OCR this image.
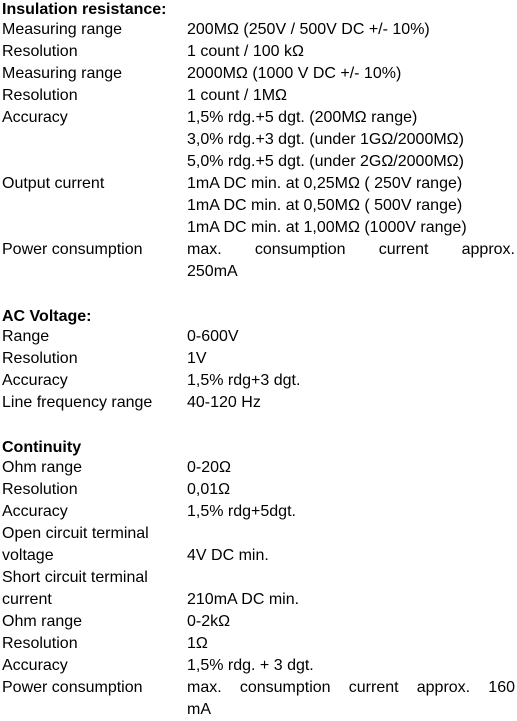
Insulation resistance:
Measuring range	200MΩ (250V / 500V DC +/- 10%)
Resolution	1 count / 100 kΩ
Measuring range	2000MΩ (1000 V DC +/- 10%)
Resolution	1 count / 1MΩ
Accuracy	1,5% rdg.+5 dgt. (200MΩ range)
3,0% rdg.+3 dgt. (under 1GΩ/2000MΩ)
5,0% rdg.+5 dgt. (under 2GΩ/2000MΩ)
Output current	1mA DC min. at 0,25MΩ ( 250V range)
1mA DC min. at 0,50MΩ ( 500V range)
1mA DC min. at 1,00MΩ (1000V range)
Power consumption	max. consumption current approx.
250mA
AC Voltage:
Range	0-600V
Resolution	1V
Accuracy	1,5% rdg+3 dgt.
Line frequency range	40-120 Hz
Continuity
Ohm range	0-20Ω
Resolution	0,01Ω
Accuracy	1,5% rdg+5dgt.
Open circuit terminal
voltage	4V DC min.
Short circuit terminal
current	210mA DC min.
Ohm range	0-2kΩ
Resolution	1Ω
Accuracy	1,5% rdg. + 3 dgt.
Power consumption	max. consumption current approx. 160
mA
